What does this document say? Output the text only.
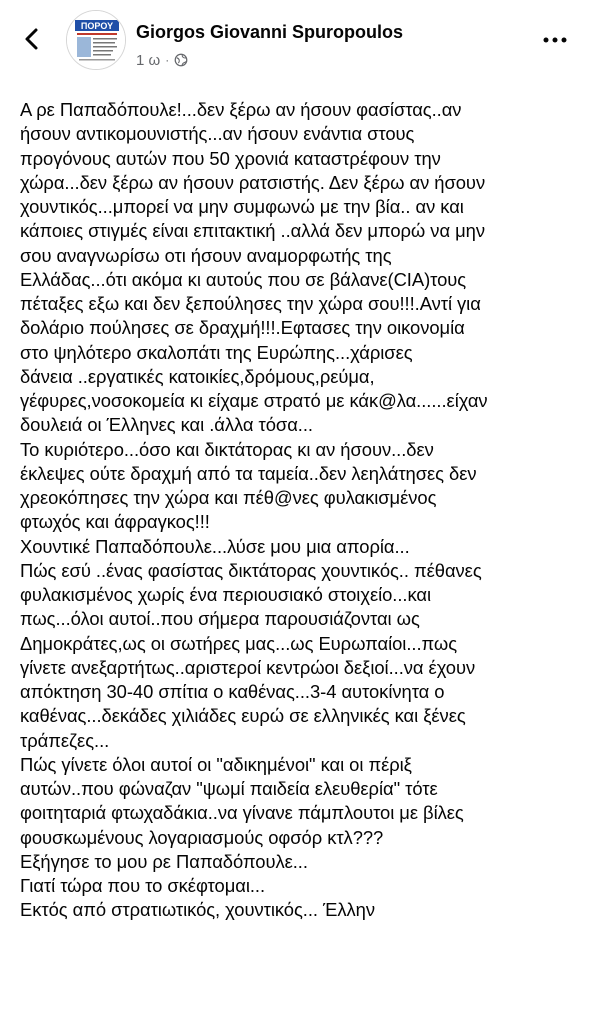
ΠΟΡΟΥ Giorgos Giovanni Spuropoulos
1 ω ·
Α ρε Παπαδόπουλε!...δεν ξέρω αν ήσουν φασίστας..αν
ήσουν αντικομουνιστής...αν ήσουν ενάντια στους
προγόνους αυτών που 50 χρονιά καταστρέφουν την
χώρα...δεν ξέρω αν ήσουν ρατσιστής. Δεν ξέρω αν ήσουν
χουντικός...μπορεί να μην συμφωνώ με την βία.. αν και
κάποιες στιγμές είναι επιτακτική ..αλλά δεν μπορώ να μην
σου αναγνωρίσω οτι ήσουν αναμορφωτής της
Ελλάδας...ότι ακόμα κι αυτούς που σε βάλανε(CIA)τους
πέταξες εξω και δεν ξεπούλησες την χώρα σου!!!.Αντί για
δολάριο πούλησες σε δραχμή!!!.Εφτασες την οικονομία
στο ψηλότερο σκαλοπάτι της Ευρώπης...χάρισες
δάνεια ..εργατικές κατοικίες,δρόμους,ρεύμα,
γέφυρες,νοσοκομεία κι είχαμε στρατό με κάκ@λα......είχαν
δουλειά οι Έλληνες και .άλλα τόσα...
Το κυριότερο...όσο και δικτάτορας κι αν ήσουν...δεν
έκλεψες ούτε δραχμή από τα ταμεία..δεν λεηλάτησες δεν
χρεοκόπησες την χώρα και πέθ@νες φυλακισμένος
φτωχός και άφραγκος!!!
Χουντικέ Παπαδόπουλε...λύσε μου μια απορία...
Πώς εσύ ..ένας φασίστας δικτάτορας χουντικός.. πέθανες
φυλακισμένος χωρίς ένα περιουσιακό στοιχείο...και
πως...όλοι αυτοί..που σήμερα παρουσιάζονται ως
Δημοκράτες,ως οι σωτήρες μας...ως Ευρωπαίοι...πως
γίνετε ανεξαρτήτως..αριστεροί κεντρώοι δεξιοί...να έχουν
απόκτηση 30-40 σπίτια ο καθένας...3-4 αυτοκίνητα ο
καθένας...δεκάδες χιλιάδες ευρώ σε ελληνικές και ξένες
τράπεζες...
Πώς γίνετε όλοι αυτοί οι "αδικημένοι" και οι πέριξ
αυτών..που φώναζαν "ψωμί παιδεία ελευθερία" τότε
φοιτηταριά φτωχαδάκια..να γίνανε πάμπλουτοι με βίλες
φουσκωμένους λογαριασμούς οφσόρ κτλ???
Εξήγησε το μου ρε Παπαδόπουλε...
Γιατί τώρα που το σκέφτομαι...
Εκτός από στρατιωτικός, χουντικός... Έλλην
